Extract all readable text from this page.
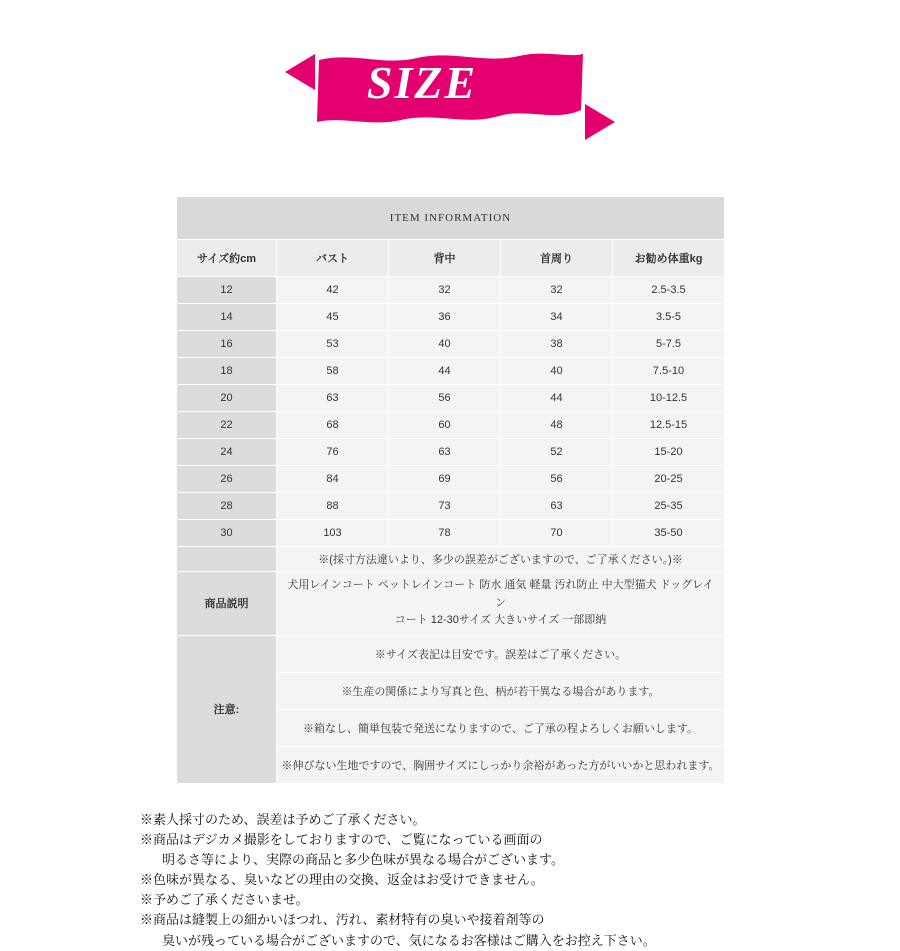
SIZE
ITEM INFORMATION				
サイズ約cm	バスト	背中	首周り	お勧め体重kg
12	42	32	32	2.5-3.5
14	45	36	34	3.5-5
16	53	40	38	5-7.5
18	58	44	40	7.5-10
20	63	56	44	10-12.5
22	68	60	48	12.5-15
24	76	63	52	15-20
26	84	69	56	20-25
28	88	73	63	25-35
30	103	78	70	35-50
	※(採寸方法違いより、多少の誤差がございますので、ご了承ください。)※			
商品説明	犬用レインコート ペットレインコート 防水 通気 軽量 汚れ防止 中大型猫犬 ドッグレイン
コート 12-30サイズ 大きいサイズ 一部即納			

注意:	※サイズ表記は目安です。誤差はご了承ください。			
	※生産の関係により写真と色、柄が若干異なる場合があります。			
	※箱なし、簡単包装で発送になりますので、ご了承の程よろしくお願いします。			
	※伸びない生地ですので、胸囲サイズにしっかり余裕があった方がいいかと思われます。			

※素人採寸のため、誤差は予めご了承ください。

※商品はデジカメ撮影をしておりますので、ご覧になっている画面の

明るさ等により、実際の商品と多少色味が異なる場合がございます。

※色味が異なる、臭いなどの理由の交換、返金はお受けできません。

※予めご了承くださいませ。

※商品は縫製上の細かいほつれ、汚れ、素材特有の臭いや接着剤等の

臭いが残っている場合がございますので、気になるお客様はご購入をお控え下さい。
